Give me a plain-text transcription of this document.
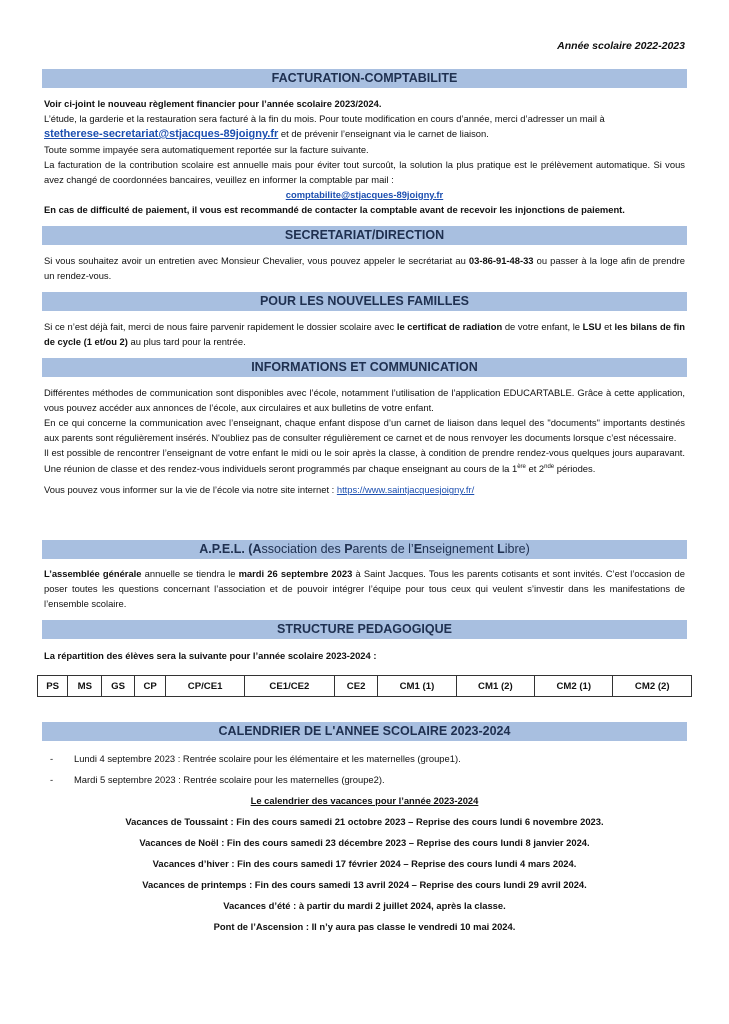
Année scolaire 2022-2023
FACTURATION-COMPTABILITE

Voir ci-joint le nouveau règlement financier pour l’année scolaire 2023/2024.

L’étude, la garderie et la restauration sera facturé à la fin du mois. Pour toute modification en cours d’année, merci d’adresser un mail à
stetherese-secretariat@stjacques-89joigny.fr et de prévenir l’enseignant via le carnet de liaison.

Toute somme impayée sera automatiquement reportée sur la facture suivante.

La facturation de la contribution scolaire est annuelle mais pour éviter tout surcoût, la solution la plus pratique est le prélèvement automatique. Si vous avez changé de coordonnées bancaires, veuillez en informer la comptable par mail :

comptabilite@stjacques-89joigny.fr

En cas de difficulté de paiement, il vous est recommandé de contacter la comptable avant de recevoir les injonctions de paiement.

SECRETARIAT/DIRECTION

Si vous souhaitez avoir un entretien avec Monsieur Chevalier, vous pouvez appeler le secrétariat au 03-86-91-48-33 ou passer à la loge afin de prendre un rendez-vous.

POUR LES NOUVELLES FAMILLES

Si ce n’est déjà fait, merci de nous faire parvenir rapidement le dossier scolaire avec le certificat de radiation de votre enfant, le LSU et les bilans de fin de cycle (1 et/ou 2) au plus tard pour la rentrée.

INFORMATIONS ET COMMUNICATION

Différentes méthodes de communication sont disponibles avec l’école, notamment l’utilisation de l’application EDUCARTABLE. Grâce à cette application, vous pouvez accéder aux annonces de l’école, aux circulaires et aux bulletins de votre enfant.

En ce qui concerne la communication avec l’enseignant, chaque enfant dispose d’un carnet de liaison dans lequel des "documents" importants destinés aux parents sont régulièrement insérés. N'oubliez pas de consulter régulièrement ce carnet et de nous renvoyer les documents lorsque c’est nécessaire.

Il est possible de rencontrer l’enseignant de votre enfant le midi ou le soir après la classe, à condition de prendre rendez-vous quelques jours auparavant. Une réunion de classe et des rendez-vous individuels seront programmés par chaque enseignant au cours de la 1ère et 2nde périodes.

Vous pouvez vous informer sur la vie de l’école via notre site internet : https://www.saintjacquesjoigny.fr/

A.P.E.L. (Association des Parents de l’Enseignement Libre)

L’assemblée générale annuelle se tiendra le mardi 26 septembre 2023 à Saint Jacques. Tous les parents cotisants et sont invités. C’est l’occasion de poser toutes les questions concernant l’association et de pouvoir intégrer l’équipe pour tous ceux qui veulent s’investir dans les manifestations de l’ensemble scolaire.

STRUCTURE PEDAGOGIQUE
La répartition des élèves sera la suivante pour l’année scolaire 2023-2024 :
PS	MS	GS	CP	CP/CE1	CE1/CE2	CE2	CM1 (1)	CM1 (2)	CM2 (1)	CM2 (2)
CALENDRIER DE L'ANNEE SCOLAIRE 2023-2024
- Lundi 4 septembre 2023 : Rentrée scolaire pour les élémentaire et les maternelles (groupe1).
- Mardi 5 septembre 2023 : Rentrée scolaire pour les maternelles (groupe2).
Le calendrier des vacances pour l’année 2023-2024
Vacances de Toussaint : Fin des cours samedi 21 octobre 2023 – Reprise des cours lundi 6 novembre 2023.
Vacances de Noël : Fin des cours samedi 23 décembre 2023 – Reprise des cours lundi 8 janvier 2024.
Vacances d’hiver : Fin des cours samedi 17 février 2024 – Reprise des cours lundi 4 mars 2024.
Vacances de printemps : Fin des cours samedi 13 avril 2024 – Reprise des cours lundi 29 avril 2024.
Vacances d’été : à partir du mardi 2 juillet 2024, après la classe.
Pont de l’Ascension : Il n’y aura pas classe le vendredi 10 mai 2024.
